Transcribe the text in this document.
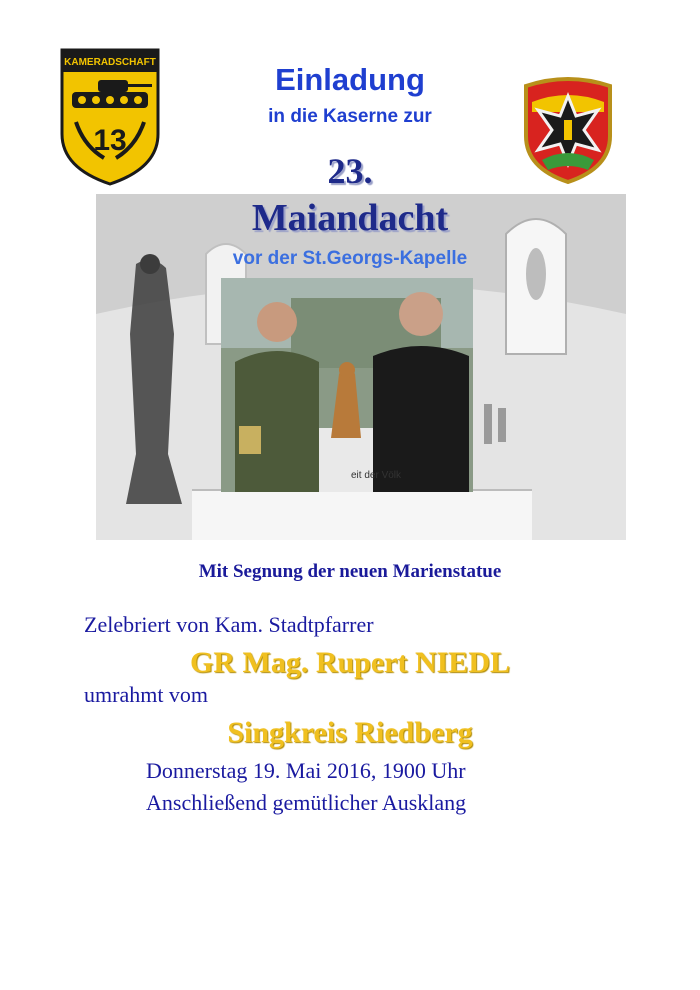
KAMERADSCHAFT
13
Einladung
in die Kaserne zur
23.
Maiandacht
vor der St.Georgs-Kapelle
eit der Völk
Mit Segnung der neuen Marienstatue
Zelebriert von Kam. Stadtpfarrer
GR Mag. Rupert NIEDL
umrahmt vom
Singkreis Riedberg
Donnerstag 19. Mai 2016, 1900 Uhr
Anschließend gemütlicher Ausklang
